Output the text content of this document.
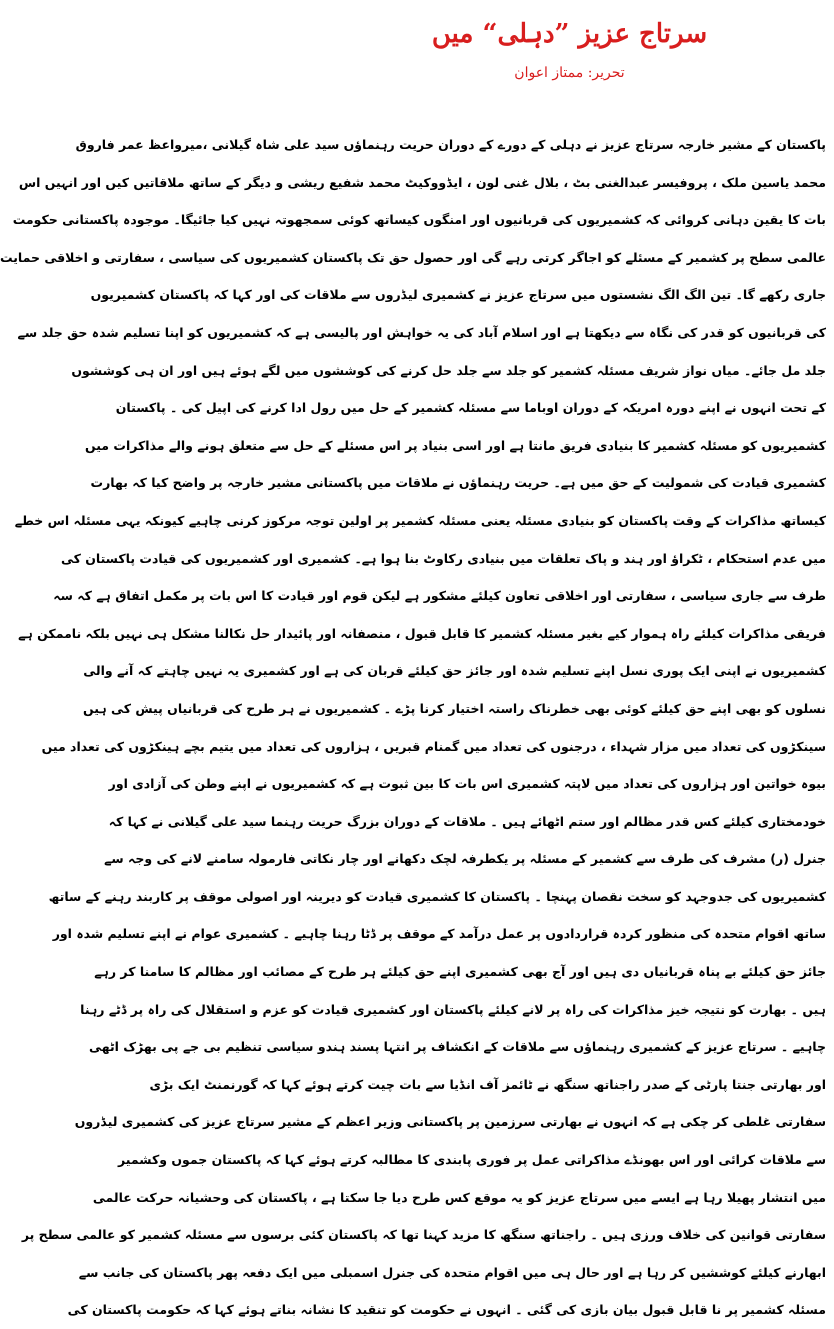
سرتاج عزیز ”دہلی“ میں
تحریر: ممتاز اعوان
پاکستان کے مشیر خارجہ سرتاج عزیز نے دہلی کے دورے کے دوران حریت رہنماؤں سید علی شاہ گیلانی ،میرواعظ عمر فاروق
محمد یاسین ملک ، پروفیسر عبدالغنی بٹ ، بلال غنی لون ، ایڈووکیٹ محمد شفیع ریشی و دیگر کے ساتھ ملاقاتیں کیں اور انہیں اس
بات کا یقین دہانی کروائی کہ کشمیریوں کی قربانیوں اور امنگوں کیساتھ کوئی سمجھوتہ نہیں کیا جائیگا۔ موجودہ پاکستانی حکومت
عالمی سطح پر کشمیر کے مسئلے کو اجاگر کرتی رہے گی اور حصول حق تک پاکستان کشمیریوں کی سیاسی ، سفارتی و اخلاقی حمایت
جاری رکھے گا۔ تین الگ الگ نشستوں میں سرتاج عزیز نے کشمیری لیڈروں سے ملاقات کی اور کہا کہ پاکستان کشمیریوں
کی قربانیوں کو قدر کی نگاہ سے دیکھتا ہے اور اسلام آباد کی یہ خواہش اور پالیسی ہے کہ کشمیریوں کو اپنا تسلیم شدہ حق جلد سے
جلد مل جائے۔ میاں نواز شریف مسئلہ کشمیر کو جلد سے جلد حل کرنے کی کوششوں میں لگے ہوئے ہیں اور ان ہی کوششوں
کے تحت انہوں نے اپنے دورہ امریکہ کے دوران اوباما سے مسئلہ کشمیر کے حل میں رول ادا کرنے کی اپیل کی ۔ پاکستان
کشمیریوں کو مسئلہ کشمیر کا بنیادی فریق مانتا ہے اور اسی بنیاد پر اس مسئلے کے حل سے متعلق ہونے والے مذاکرات میں
کشمیری قیادت کی شمولیت کے حق میں ہے۔ حریت رہنماؤں نے ملاقات میں پاکستانی مشیر خارجہ پر واضح کیا کہ بھارت
کیساتھ مذاکرات کے وقت پاکستان کو بنیادی مسئلہ یعنی مسئلہ کشمیر پر اولین توجہ مرکوز کرنی چاہیے کیونکہ یہی مسئلہ اس خطے
میں عدم استحکام ، ٹکراؤ اور ہند و پاک تعلقات میں بنیادی رکاوٹ بنا ہوا ہے۔ کشمیری اور کشمیریوں کی قیادت پاکستان کی
طرف سے جاری سیاسی ، سفارتی اور اخلاقی تعاون کیلئے مشکور ہے لیکن قوم اور قیادت کا اس بات پر مکمل اتفاق ہے کہ سہ
فریقی مذاکرات کیلئے راہ ہموار کیے بغیر مسئلہ کشمیر کا قابل قبول ، منصفانہ اور پائیدار حل نکالنا مشکل ہی نہیں بلکہ ناممکن ہے
کشمیریوں نے اپنی ایک پوری نسل اپنے تسلیم شدہ اور جائز حق کیلئے قربان کی ہے اور کشمیری یہ نہیں چاہتے کہ آنے والی
نسلوں کو بھی اپنے حق کیلئے کوئی بھی خطرناک راستہ اختیار کرنا پڑے ۔ کشمیریوں نے ہر طرح کی قربانیاں پیش کی ہیں
سینکڑوں کی تعداد میں مزار شہداء ، درجنوں کی تعداد میں گمنام قبریں ، ہزاروں کی تعداد میں یتیم بچے ہینکڑوں کی تعداد میں
بیوہ خواتین اور ہزاروں کی تعداد میں لاپتہ کشمیری اس بات کا بین ثبوت ہے کہ کشمیریوں نے اپنے وطن کی آزادی اور
خودمختاری کیلئے کس قدر مظالم اور ستم اٹھائے ہیں ۔ ملاقات کے دوران بزرگ حریت رہنما سید علی گیلانی نے کہا کہ
جنرل (ر) مشرف کی طرف سے کشمیر کے مسئلہ پر یکطرفہ لچک دکھانے اور چار نکاتی فارمولہ سامنے لانے کی وجہ سے
کشمیریوں کی جدوجہد کو سخت نقصان پہنچا ۔ پاکستان کا کشمیری قیادت کو دیرینہ اور اصولی موقف پر کاربند رہنے کے ساتھ
ساتھ اقوام متحدہ کی منظور کردہ قراردادوں پر عمل درآمد کے موقف پر ڈٹا رہنا چاہیے ۔ کشمیری عوام نے اپنے تسلیم شدہ اور
جائز حق کیلئے بے پناہ قربانیاں دی ہیں اور آج بھی کشمیری اپنے حق کیلئے ہر طرح کے مصائب اور مظالم کا سامنا کر رہے
ہیں ۔ بھارت کو نتیجہ خیز مذاکرات کی راہ پر لانے کیلئے پاکستان اور کشمیری قیادت کو عزم و استقلال کی راہ پر ڈٹے رہنا
چاہیے ۔ سرتاج عزیز کے کشمیری رہنماؤں سے ملاقات کے انکشاف پر انتہا پسند ہندو سیاسی تنظیم بی جے پی بھڑک اٹھی
اور بھارتی جنتا پارٹی کے صدر راجناتھ سنگھ نے ٹائمز آف انڈیا سے بات چیت کرتے ہوئے کہا کہ گورنمنٹ ایک بڑی
سفارتی غلطی کر چکی ہے کہ انہوں نے بھارتی سرزمین پر پاکستانی وزیر اعظم کے مشیر سرتاج عزیز کی کشمیری لیڈروں
سے ملاقات کرائی اور اس بھونڈے مذاکراتی عمل پر فوری پابندی کا مطالبہ کرتے ہوئے کہا کہ پاکستان جموں وکشمیر
میں انتشار پھیلا رہا ہے ایسے میں سرتاج عزیز کو یہ موقع کس طرح دیا جا سکتا ہے ، پاکستان کی وحشیانہ حرکت عالمی
سفارتی قوانین کی خلاف ورزی ہیں ۔ راجناتھ سنگھ کا مزید کہنا تھا کہ پاکستان کئی برسوں سے مسئلہ کشمیر کو عالمی سطح پر
ابھارنے کیلئے کوششیں کر رہا ہے اور حال ہی میں اقوام متحدہ کی جنرل اسمبلی میں ایک دفعہ پھر پاکستان کی جانب سے
مسئلہ کشمیر پر نا قابل قبول بیان بازی کی گئی ۔ انہوں نے حکومت کو تنقید کا نشانہ بناتے ہوئے کہا کہ حکومت پاکستان کی
